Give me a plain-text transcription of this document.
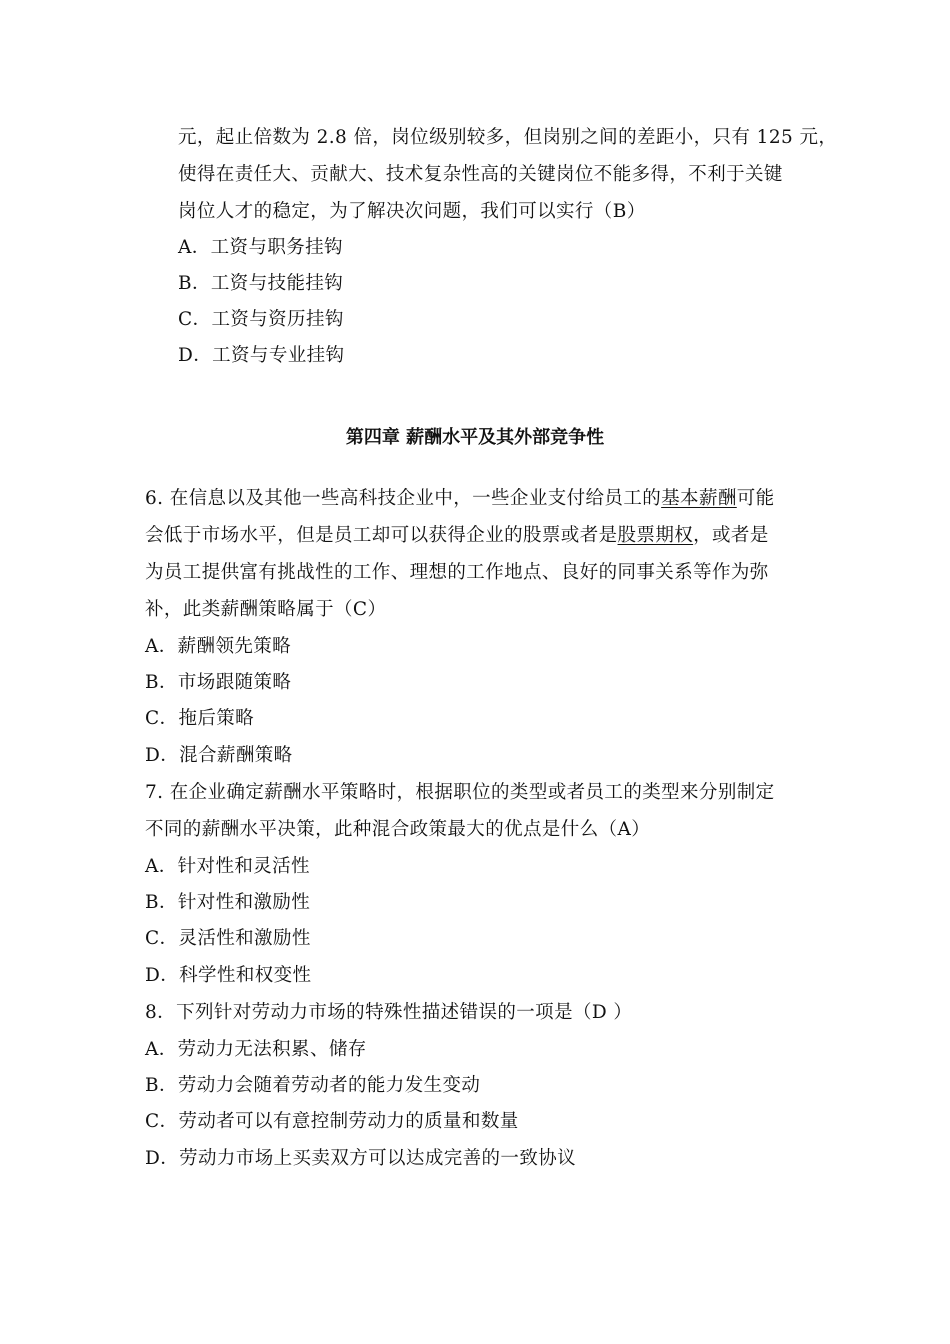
元，起止倍数为 2.8 倍，岗位级别较多，但岗别之间的差距小，只有 125 元，
使得在责任大、贡献大、技术复杂性高的关键岗位不能多得，不利于关键
岗位人才的稳定，为了解决次问题，我们可以实行（B）
A．工资与职务挂钩
B．工资与技能挂钩
C．工资与资历挂钩
D．工资与专业挂钩
第四章 薪酬水平及其外部竞争性
6. 在信息以及其他一些高科技企业中，一些企业支付给员工的基本薪酬可能
会低于市场水平，但是员工却可以获得企业的股票或者是股票期权，或者是
为员工提供富有挑战性的工作、理想的工作地点、良好的同事关系等作为弥
补，此类薪酬策略属于（C）
A．薪酬领先策略
B．市场跟随策略
C．拖后策略
D．混合薪酬策略
7. 在企业确定薪酬水平策略时，根据职位的类型或者员工的类型来分别制定
不同的薪酬水平决策，此种混合政策最大的优点是什么（A）
A．针对性和灵活性
B．针对性和激励性
C．灵活性和激励性
D．科学性和权变性
8．下列针对劳动力市场的特殊性描述错误的一项是（D ）
A．劳动力无法积累、储存
B．劳动力会随着劳动者的能力发生变动
C．劳动者可以有意控制劳动力的质量和数量
D．劳动力市场上买卖双方可以达成完善的一致协议
